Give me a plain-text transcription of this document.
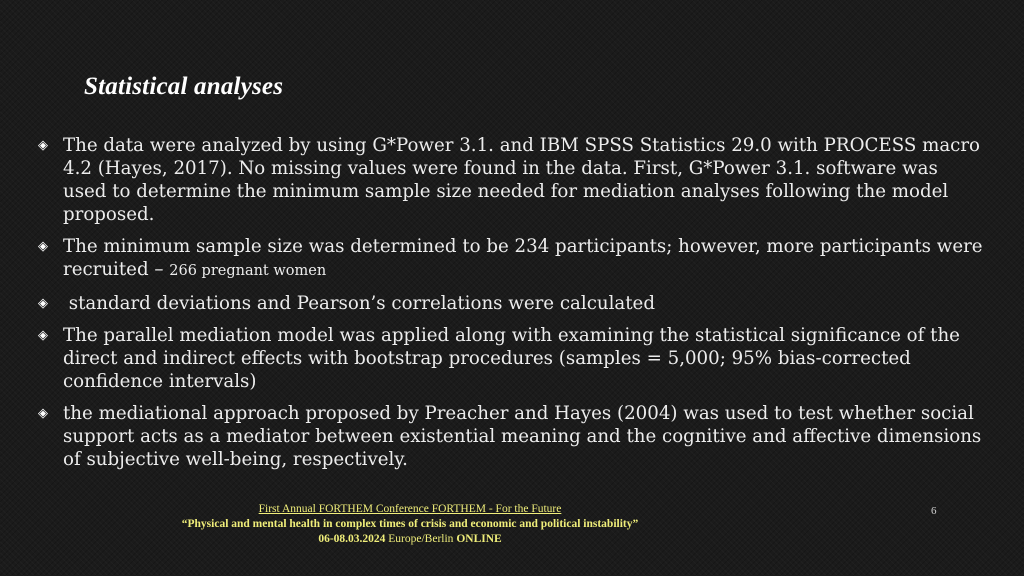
Statistical analyses
◈ The data were analyzed by using G*Power 3.1. and IBM SPSS Statistics 29.0 with PROCESS macro 4.2 (Hayes, 2017). No missing values were found in the data. First, G*Power 3.1. software was used to determine the minimum sample size needed for mediation analyses following the model proposed.
◈ The minimum sample size was determined to be 234 participants; however, more participants were recruited – 266 pregnant women
◈ standard deviations and Pearson’s correlations were calculated
◈ The parallel mediation model was applied along with examining the statistical significance of the direct and indirect effects with bootstrap procedures (samples = 5,000; 95% bias-corrected confidence intervals)
◈ the mediational approach proposed by Preacher and Hayes (2004) was used to test whether social support acts as a mediator between existential meaning and the cognitive and affective dimensions of subjective well-being, respectively.
First Annual FORTHEM Conference FORTHEM - For the Future
“Physical and mental health in complex times of crisis and economic and political instability”
06-08.03.2024 Europe/Berlin ONLINE
6
